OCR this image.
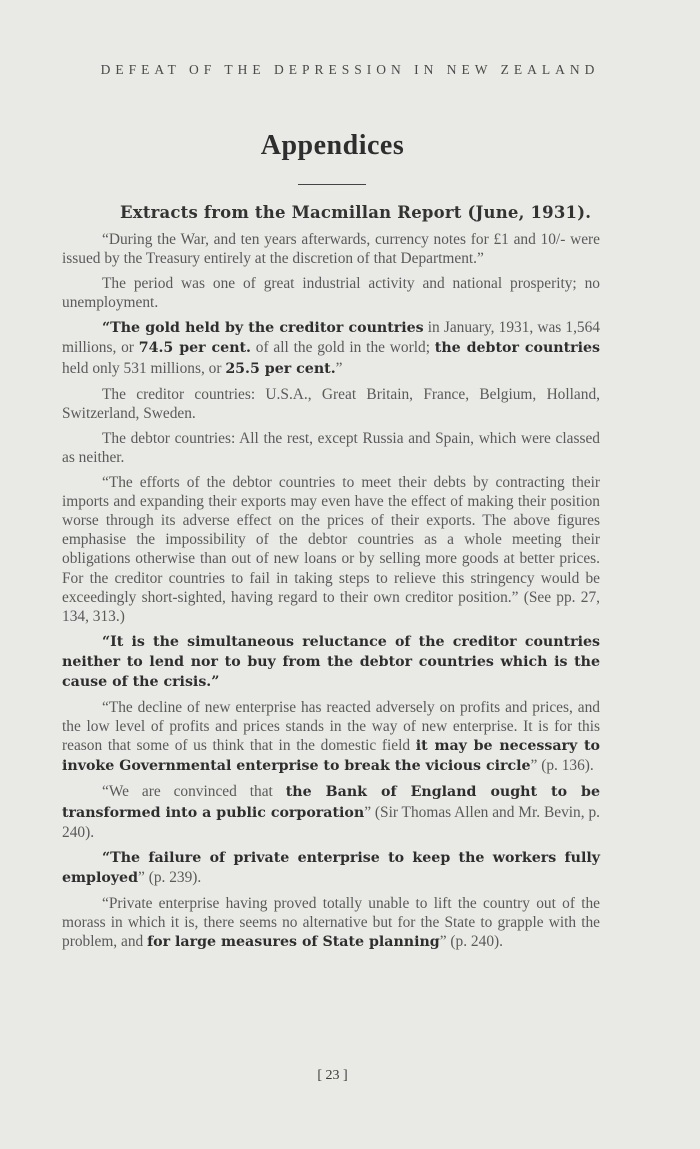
DEFEAT OF THE DEPRESSION IN NEW ZEALAND
Appendices
Extracts from the Macmillan Report (June, 1931).

“During the War, and ten years afterwards, currency notes for £1 and 10/- were issued by the Treasury entirely at the discretion of that Department.”

The period was one of great industrial activity and national prosperity; no unemployment.

“The gold held by the creditor countries in January, 1931, was 1,564 millions, or 74.5 per cent. of all the gold in the world; the debtor countries held only 531 millions, or 25.5 per cent.”

The creditor countries: U.S.A., Great Britain, France, Belgium, Holland, Switzerland, Sweden.

The debtor countries: All the rest, except Russia and Spain, which were classed as neither.

“The efforts of the debtor countries to meet their debts by contracting their imports and expanding their exports may even have the effect of making their position worse through its adverse effect on the prices of their exports. The above figures emphasise the impossibility of the debtor countries as a whole meeting their obligations otherwise than out of new loans or by selling more goods at better prices. For the creditor countries to fail in taking steps to relieve this stringency would be exceedingly short-sighted, having regard to their own creditor position.” (See pp. 27, 134, 313.)

“It is the simultaneous reluctance of the creditor countries neither to lend nor to buy from the debtor countries which is the cause of the crisis.”

“The decline of new enterprise has reacted adversely on profits and prices, and the low level of profits and prices stands in the way of new enterprise. It is for this reason that some of us think that in the domestic field it may be necessary to invoke Governmental enterprise to break the vicious circle” (p. 136).

“We are convinced that the Bank of England ought to be transformed into a public corporation” (Sir Thomas Allen and Mr. Bevin, p. 240).

“The failure of private enterprise to keep the workers fully employed” (p. 239).

“Private enterprise having proved totally unable to lift the country out of the morass in which it is, there seems no alternative but for the State to grapple with the problem, and for large measures of State planning” (p. 240).

[ 23 ]
